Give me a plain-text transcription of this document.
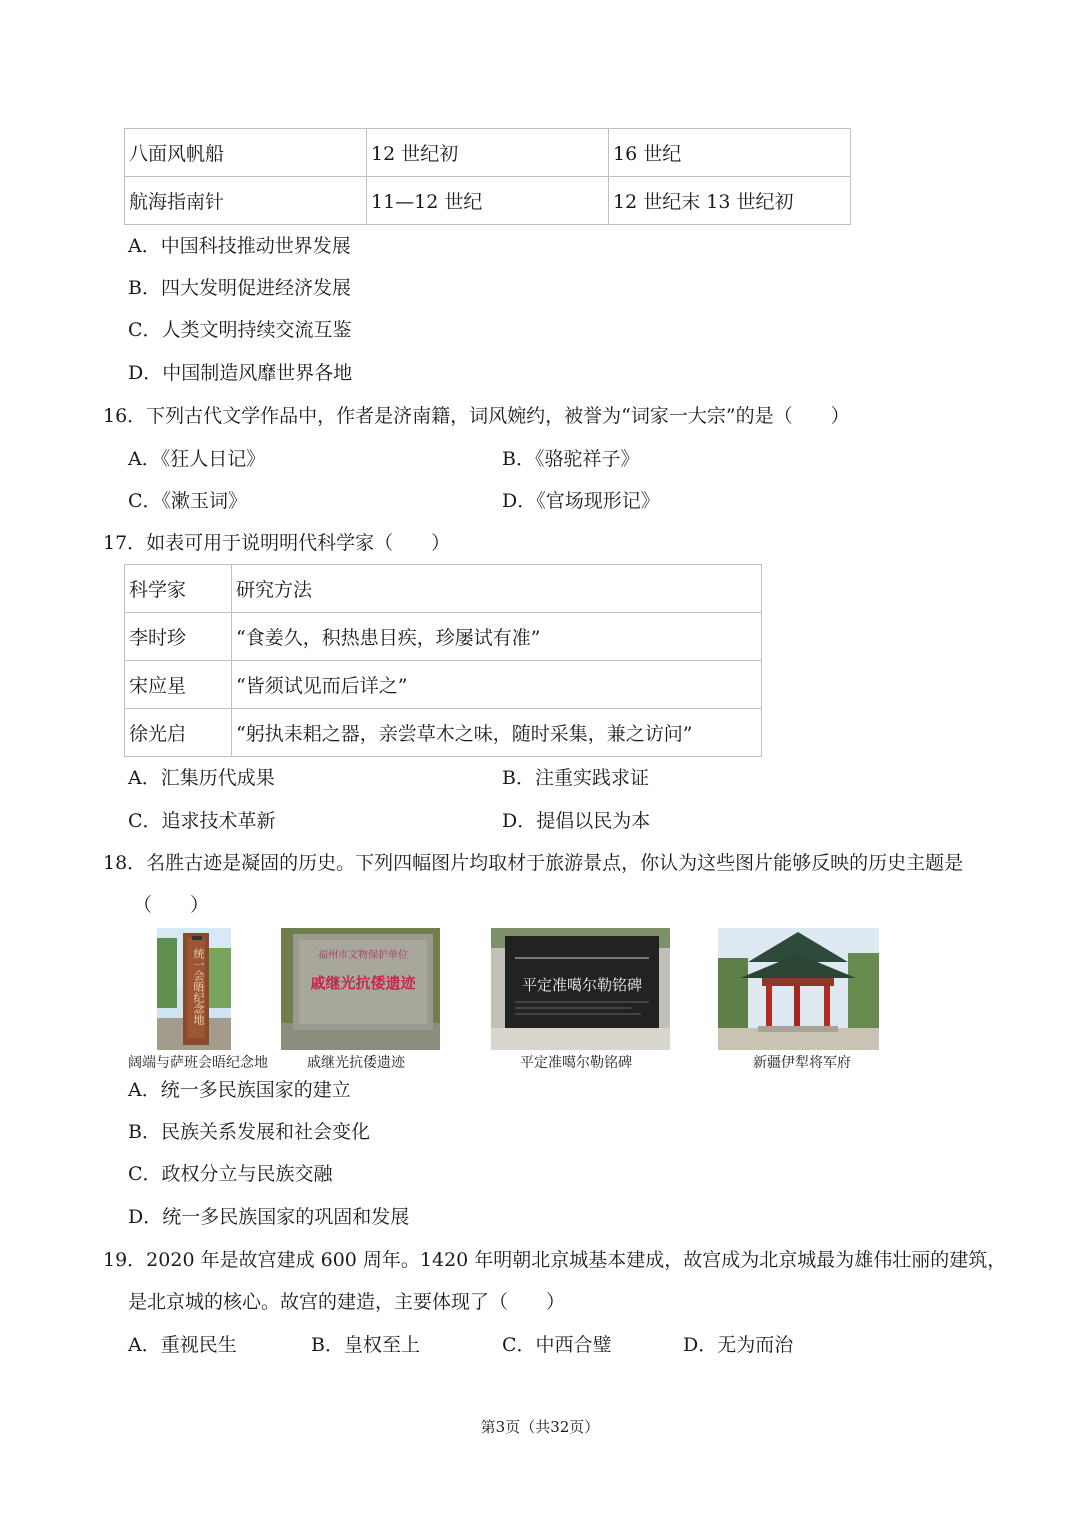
八面风帆船	12 世纪初	16 世纪
航海指南针	11—12 世纪	12 世纪末 13 世纪初
A．中国科技推动世界发展
B．四大发明促进经济发展
C．人类文明持续交流互鉴
D．中国制造风靡世界各地
16．下列古代文学作品中，作者是济南籍，词风婉约，被誉为“词家一大宗”的是（　　）
A．《狂人日记》	B．《骆驼祥子》
C．《漱玉词》	D．《官场现形记》
17．如表可用于说明明代科学家（　　）
科学家	研究方法
李时珍	“食姜久，积热患目疾，珍屡试有准”
宋应星	“皆须试见而后详之”
徐光启	“躬执耒耜之器，亲尝草木之味，随时采集，兼之访问”
A．汇集历代成果	B．注重实践求证
C．追求技术革新	D．提倡以民为本
18．名胜古迹是凝固的历史。下列四幅图片均取材于旅游景点，你认为这些图片能够反映的历史主题是
（　　）
统一会晤纪念地
阔端与萨班会晤纪念地
福州市文物保护单位
戚继光抗倭遗迹
戚继光抗倭遗迹
平定准噶尔勒铭碑
平定准噶尔勒铭碑	新疆伊犁将军府
A．统一多民族国家的建立
B．民族关系发展和社会变化
C．政权分立与民族交融
D．统一多民族国家的巩固和发展
19．2020 年是故宫建成 600 周年。1420 年明朝北京城基本建成，故宫成为北京城最为雄伟壮丽的建筑，
是北京城的核心。故宫的建造，主要体现了（　　）
A．重视民生	B．皇权至上	C．中西合璧	D．无为而治
第3页（共32页）
